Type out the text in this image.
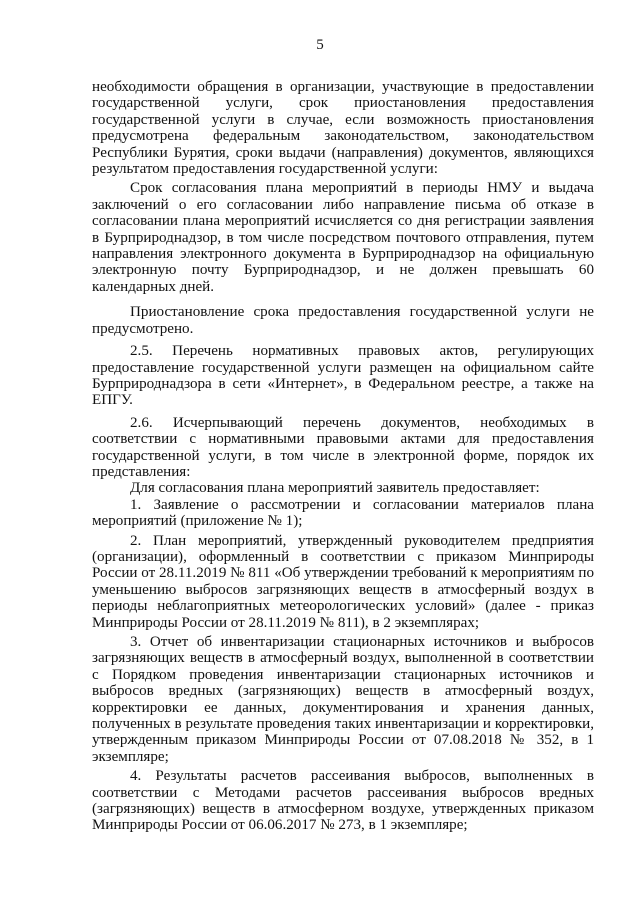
5

необходимости обращения в организации, участвующие в предоставлении государственной услуги, срок приостановления предоставления государственной услуги в случае, если возможность приостановления предусмотрена федеральным законодательством, законодательством Республики Бурятия, сроки выдачи (направления) документов, являющихся результатом предоставления государственной услуги:

Срок согласования плана мероприятий в периоды НМУ и выдача заключений о его согласовании либо направление письма об отказе в согласовании плана мероприятий исчисляется со дня регистрации заявления в Бурприроднадзор, в том числе посредством почтового отправления, путем направления электронного документа в Бурприроднадзор на официальную электронную почту Бурприроднадзор, и не должен превышать 60 календарных дней.

Приостановление срока предоставления государственной услуги не предусмотрено.

2.5. Перечень нормативных правовых актов, регулирующих предоставление государственной услуги размещен на официальном сайте Бурприроднадзора в сети «Интернет», в Федеральном реестре, а также на ЕПГУ.

2.6. Исчерпывающий перечень документов, необходимых в соответствии с нормативными правовыми актами для предоставления государственной услуги, в том числе в электронной форме, порядок их представления:

Для согласования плана мероприятий заявитель предоставляет:

1. Заявление о рассмотрении и согласовании материалов плана мероприятий (приложение № 1);

2. План мероприятий, утвержденный руководителем предприятия (организации), оформленный в соответствии с приказом Минприроды России от 28.11.2019 № 811 «Об утверждении требований к мероприятиям по уменьшению выбросов загрязняющих веществ в атмосферный воздух в периоды неблагоприятных метеорологических условий» (далее - приказ Минприроды России от 28.11.2019 № 811), в 2 экземплярах;

3. Отчет об инвентаризации стационарных источников и выбросов загрязняющих веществ в атмосферный воздух, выполненной в соответствии с Порядком проведения инвентаризации стационарных источников и выбросов вредных (загрязняющих) веществ в атмосферный воздух, корректировки ее данных, документирования и хранения данных, полученных в результате проведения таких инвентаризации и корректировки, утвержденным приказом Минприроды России от 07.08.2018 № 352, в 1 экземпляре;

4. Результаты расчетов рассеивания выбросов, выполненных в соответствии с Методами расчетов рассеивания выбросов вредных (загрязняющих) веществ в атмосферном воздухе, утвержденных приказом Минприроды России от 06.06.2017 № 273, в 1 экземпляре;
